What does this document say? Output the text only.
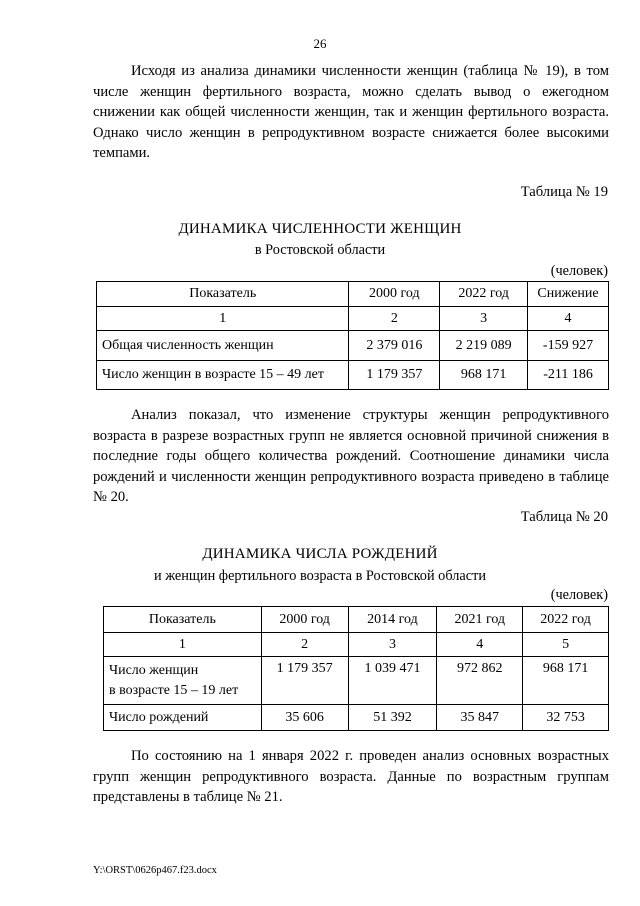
26
Исходя из анализа динамики численности женщин (таблица № 19), в том числе женщин фертильного возраста, можно сделать вывод о ежегодном снижении как общей численности женщин, так и женщин фертильного возраста. Однако число женщин в репродуктивном возрасте снижается более высокими темпами.
Таблица № 19
ДИНАМИКА ЧИСЛЕННОСТИ ЖЕНЩИН
в Ростовской области
(человек)
Показатель	2000 год	2022 год	Снижение
1	2	3	4
Общая численность женщин	2 379 016	2 219 089	-159 927
Число женщин в возрасте 15 – 49 лет	1 179 357	968 171	-211 186
Анализ показал, что изменение структуры женщин репродуктивного возраста в разрезе возрастных групп не является основной причиной снижения в последние годы общего количества рождений. Соотношение динамики числа рождений и численности женщин репродуктивного возраста приведено в таблице № 20.
Таблица № 20
ДИНАМИКА ЧИСЛА РОЖДЕНИЙ
и женщин фертильного возраста в Ростовской области
(человек)
Показатель	2000 год	2014 год	2021 год	2022 год
1	2	3	4	5

Число женщин
в возрасте 15 – 19 лет	1 179 357	1 039 471	972 862	968 171
Число рождений	35 606	51 392	35 847	32 753
По состоянию на 1 января 2022 г. проведен анализ основных возрастных групп женщин репродуктивного возраста. Данные по возрастным группам представлены в таблице № 21.
Y:\ORST\0626p467.f23.docx
